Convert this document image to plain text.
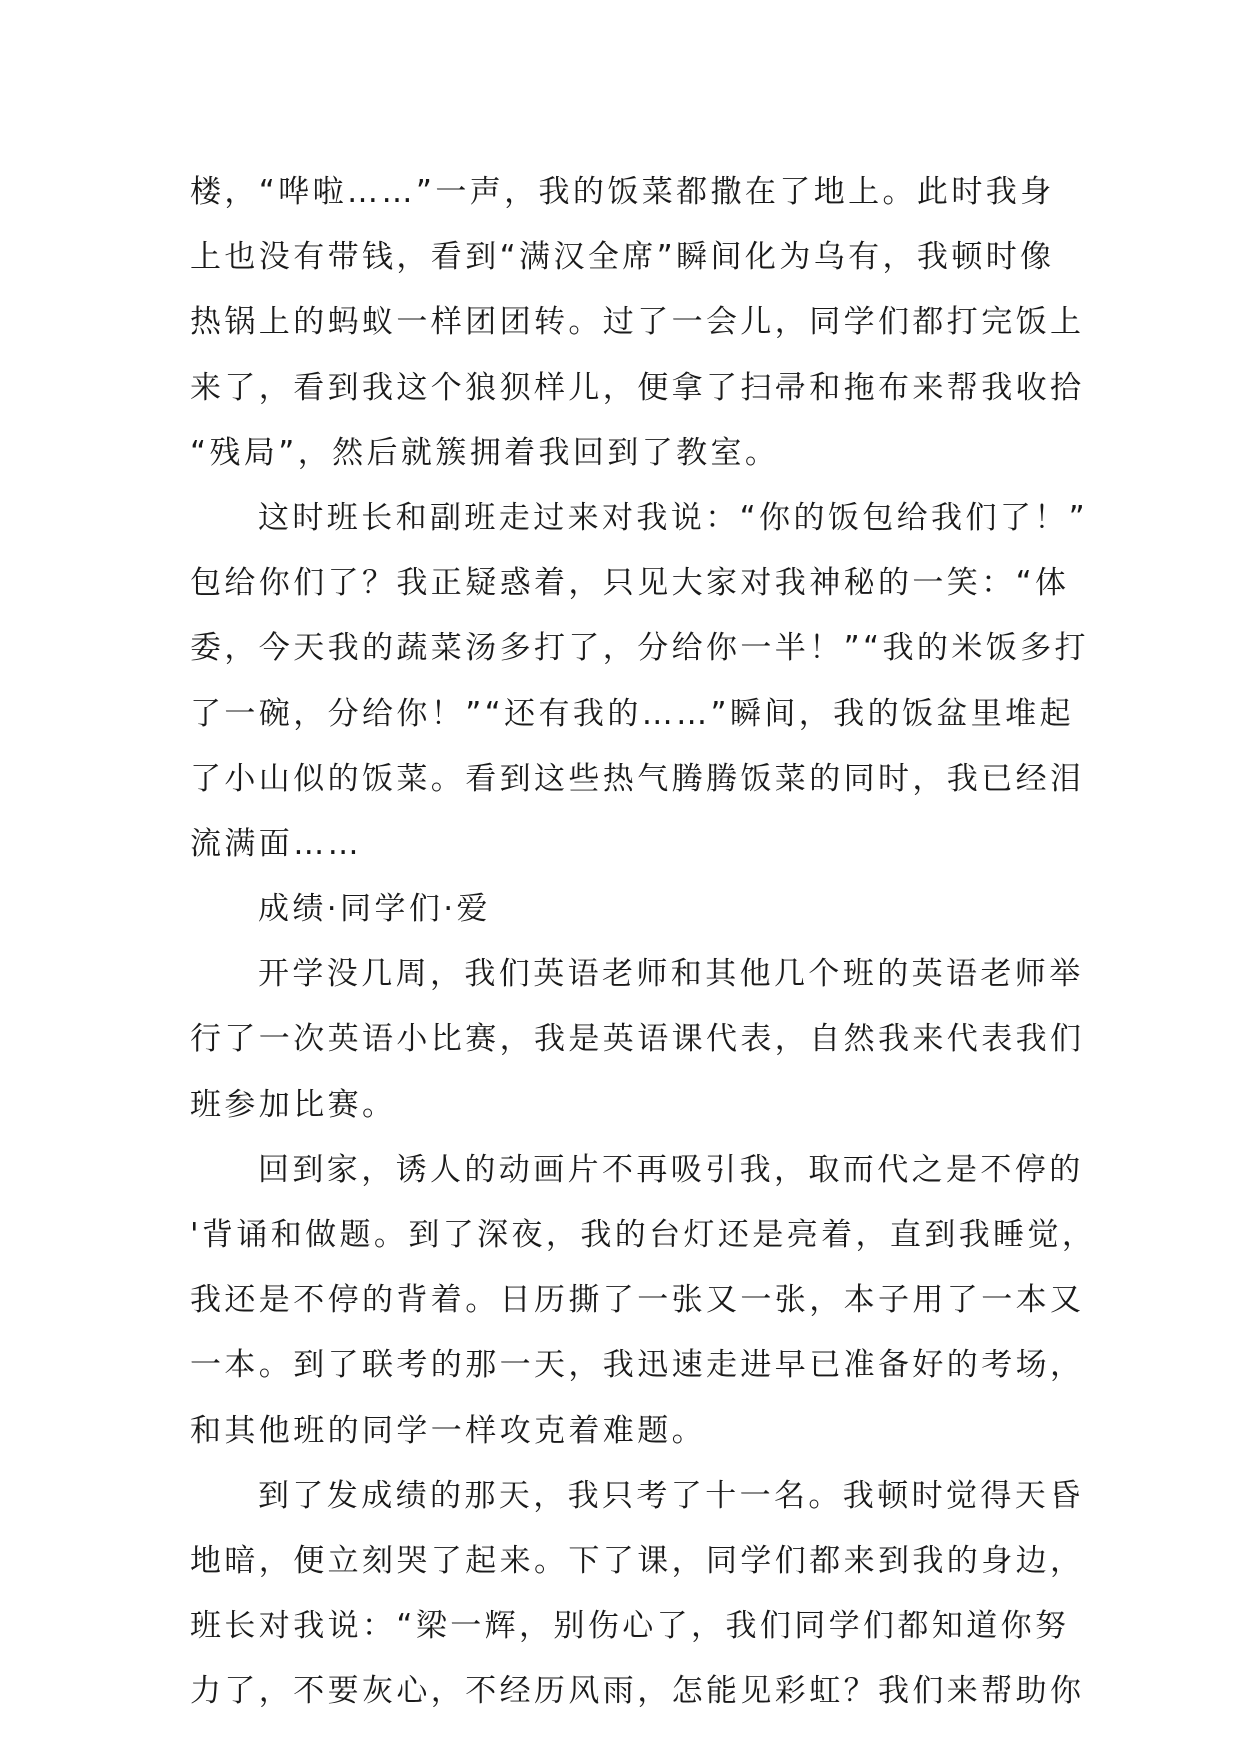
楼，“哗啦……”一声，我的饭菜都撒在了地上。此时我身
上也没有带钱，看到“满汉全席”瞬间化为乌有，我顿时像
热锅上的蚂蚁一样团团转。过了一会儿，同学们都打完饭上
来了，看到我这个狼狈样儿，便拿了扫帚和拖布来帮我收拾
“残局”，然后就簇拥着我回到了教室。
这时班长和副班走过来对我说：“你的饭包给我们了！”
包给你们了？我正疑惑着，只见大家对我神秘的一笑：“体
委，今天我的蔬菜汤多打了，分给你一半！”“我的米饭多打
了一碗，分给你！”“还有我的……”瞬间，我的饭盆里堆起
了小山似的饭菜。看到这些热气腾腾饭菜的同时，我已经泪
流满面……
成绩·同学们·爱
开学没几周，我们英语老师和其他几个班的英语老师举
行了一次英语小比赛，我是英语课代表，自然我来代表我们
班参加比赛。
回到家，诱人的动画片不再吸引我，取而代之是不停的
'背诵和做题。到了深夜，我的台灯还是亮着，直到我睡觉，
我还是不停的背着。日历撕了一张又一张，本子用了一本又
一本。到了联考的那一天，我迅速走进早已准备好的考场，
和其他班的同学一样攻克着难题。
到了发成绩的那天，我只考了十一名。我顿时觉得天昏
地暗，便立刻哭了起来。下了课，同学们都来到我的身边，
班长对我说：“梁一辉，别伤心了，我们同学们都知道你努
力了，不要灰心，不经历风雨，怎能见彩虹？我们来帮助你
